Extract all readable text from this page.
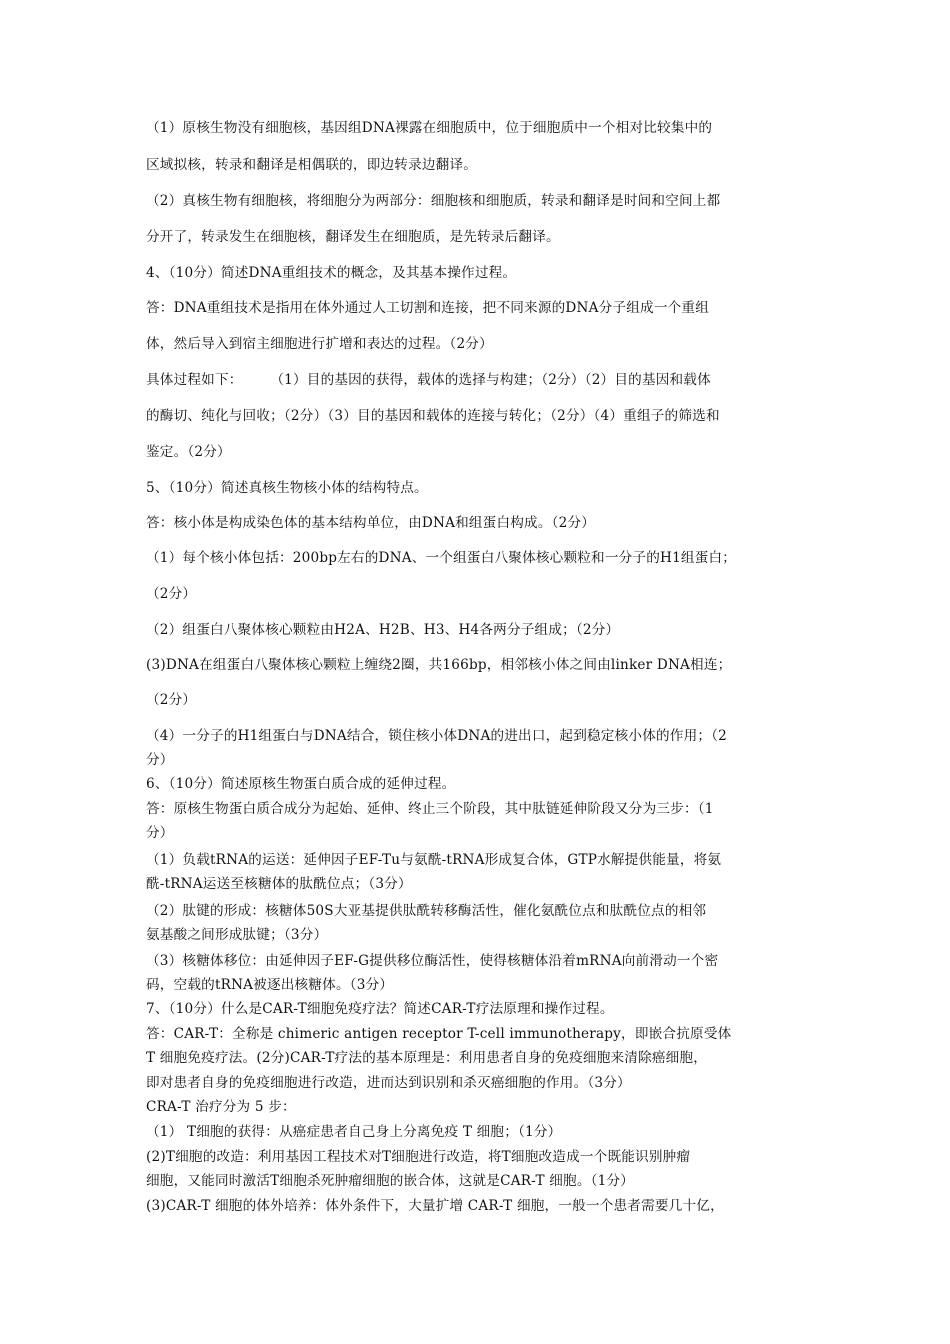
（1）原核生物没有细胞核，基因组DNA裸露在细胞质中，位于细胞质中一个相对比较集中的
区域拟核，转录和翻译是相偶联的，即边转录边翻译。
（2）真核生物有细胞核，将细胞分为两部分：细胞核和细胞质，转录和翻译是时间和空间上都
分开了，转录发生在细胞核，翻译发生在细胞质，是先转录后翻译。
4、（10分）简述DNA重组技术的概念，及其基本操作过程。
答：DNA重组技术是指用在体外通过人工切割和连接，把不同来源的DNA分子组成一个重组
体，然后导入到宿主细胞进行扩增和表达的过程。（2分）
具体过程如下：　　　（1）目的基因的获得，载体的选择与构建；（2分）（2）目的基因和载体
的酶切、纯化与回收；（2分）（3）目的基因和载体的连接与转化；（2分）（4）重组子的筛选和
鉴定。（2分）
5、（10分）简述真核生物核小体的结构特点。
答：核小体是构成染色体的基本结构单位，由DNA和组蛋白构成。（2分）
（1）每个核小体包括：200bp左右的DNA、一个组蛋白八聚体核心颗粒和一分子的H1组蛋白；
（2分）
（2）组蛋白八聚体核心颗粒由H2A、H2B、H3、H4各两分子组成；（2分）
(3)DNA在组蛋白八聚体核心颗粒上缠绕2圈，共166bp，相邻核小体之间由linker DNA相连；
（2分）
（4）一分子的H1组蛋白与DNA结合，锁住核小体DNA的进出口，起到稳定核小体的作用；（2
分）
6、（10分）简述原核生物蛋白质合成的延伸过程。
答：原核生物蛋白质合成分为起始、延伸、终止三个阶段，其中肽链延伸阶段又分为三步：（1
分）
（1）负载tRNA的运送：延伸因子EF-Tu与氨酰-tRNA形成复合体，GTP水解提供能量，将氨
酰-tRNA运送至核糖体的肽酰位点；（3分）
（2）肽键的形成：核糖体50S大亚基提供肽酰转移酶活性，催化氨酰位点和肽酰位点的相邻
氨基酸之间形成肽键；（3分）
（3）核糖体移位：由延伸因子EF-G提供移位酶活性，使得核糖体沿着mRNA向前滑动一个密
码，空载的tRNA被逐出核糖体。（3分）
7、（10分）什么是CAR-T细胞免疫疗法？简述CAR-T疗法原理和操作过程。
答：CAR-T：全称是 chimeric antigen receptor T-cell immunotherapy，即嵌合抗原受体
T 细胞免疫疗法。(2分)CAR-T疗法的基本原理是：利用患者自身的免疫细胞来清除癌细胞，
即对患者自身的免疫细胞进行改造，进而达到识别和杀灭癌细胞的作用。（3分）
CRA-T 治疗分为 5 步：
（1） T细胞的获得：从癌症患者自己身上分离免疫 T 细胞；（1分）
(2)T细胞的改造：利用基因工程技术对T细胞进行改造，将T细胞改造成一个既能识别肿瘤
细胞，又能同时激活T细胞杀死肿瘤细胞的嵌合体，这就是CAR-T 细胞。（1分）
(3)CAR-T 细胞的体外培养：体外条件下，大量扩增 CAR-T 细胞，一般一个患者需要几十亿，
